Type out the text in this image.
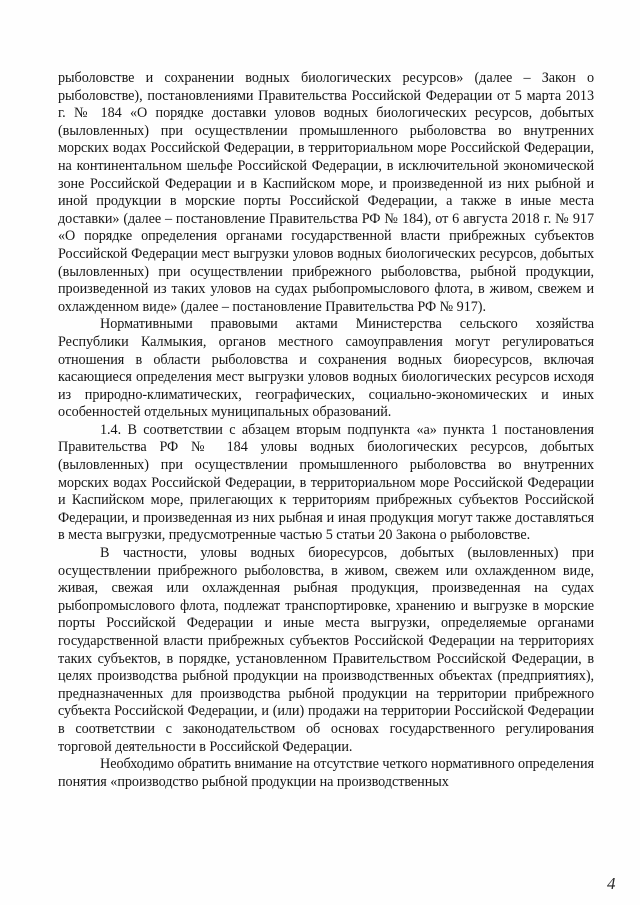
рыболовстве и сохранении водных биологических ресурсов» (далее – Закон о рыболовстве), постановлениями Правительства Российской Федерации от 5 марта 2013 г. № 184 «О порядке доставки уловов водных биологических ресурсов, добытых (выловленных) при осуществлении промышленного рыболовства во внутренних морских водах Российской Федерации, в территориальном море Российской Федерации, на континентальном шельфе Российской Федерации, в исключительной экономической зоне Российской Федерации и в Каспийском море, и произведенной из них рыбной и иной продукции в морские порты Российской Федерации, а также в иные места доставки» (далее – постановление Правительства РФ № 184), от 6 августа 2018 г. № 917 «О порядке определения органами государственной власти прибрежных субъектов Российской Федерации мест выгрузки уловов водных биологических ресурсов, добытых (выловленных) при осуществлении прибрежного рыболовства, рыбной продукции, произведенной из таких уловов на судах рыбопромыслового флота, в живом, свежем и охлажденном виде» (далее – постановление Правительства РФ № 917).

Нормативными правовыми актами Министерства сельского хозяйства Республики Калмыкия, органов местного самоуправления могут регулироваться отношения в области рыболовства и сохранения водных биоресурсов, включая касающиеся определения мест выгрузки уловов водных биологических ресурсов исходя из природно-климатических, географических, социально-экономических и иных особенностей отдельных муниципальных образований.

1.4. В соответствии с абзацем вторым подпункта «а» пункта 1 постановления Правительства РФ № 184 уловы водных биологических ресурсов, добытых (выловленных) при осуществлении промышленного рыболовства во внутренних морских водах Российской Федерации, в территориальном море Российской Федерации и Каспийском море, прилегающих к территориям прибрежных субъектов Российской Федерации, и произведенная из них рыбная и иная продукция могут также доставляться в места выгрузки, предусмотренные частью 5 статьи 20 Закона о рыболовстве.

В частности, уловы водных биоресурсов, добытых (выловленных) при осуществлении прибрежного рыболовства, в живом, свежем или охлажденном виде, живая, свежая или охлажденная рыбная продукция, произведенная на судах рыбопромыслового флота, подлежат транспортировке, хранению и выгрузке в морские порты Российской Федерации и иные места выгрузки, определяемые органами государственной власти прибрежных субъектов Российской Федерации на территориях таких субъектов, в порядке, установленном Правительством Российской Федерации, в целях производства рыбной продукции на производственных объектах (предприятиях), предназначенных для производства рыбной продукции на территории прибрежного субъекта Российской Федерации, и (или) продажи на территории Российской Федерации в соответствии с законодательством об основах государственного регулирования торговой деятельности в Российской Федерации.

Необходимо обратить внимание на отсутствие четкого нормативного определения понятия «производство рыбной продукции на производственных

4
